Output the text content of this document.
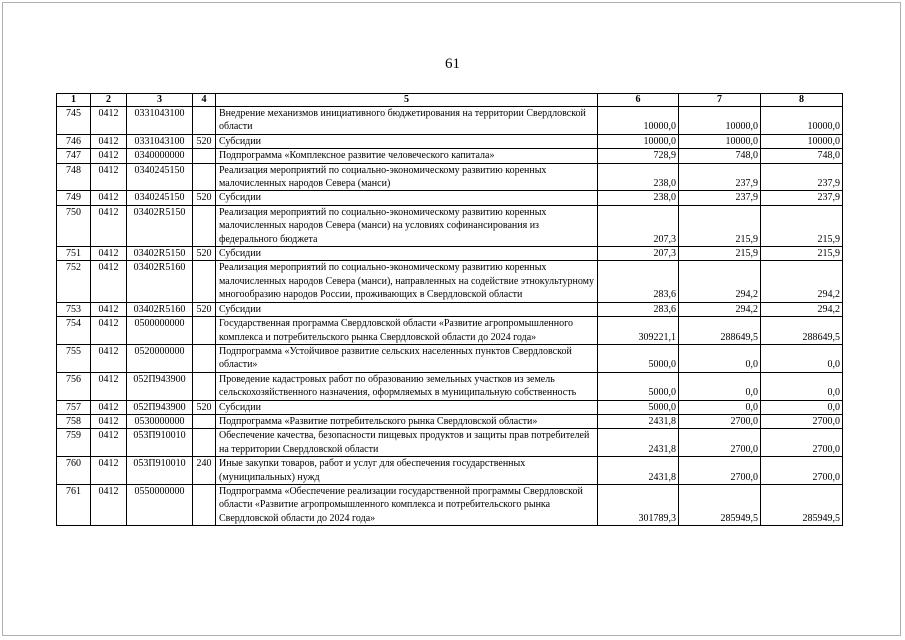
61
1	2	3	4	5	6	7	8
745	0412	0331043100		Внедрение механизмов инициативного бюджетирования на территории Свердловской области	10000,0	10000,0	10000,0
746	0412	0331043100	520	Субсидии	10000,0	10000,0	10000,0
747	0412	0340000000		Подпрограмма «Комплексное развитие человеческого капитала»	728,9	748,0	748,0
748	0412	0340245150		Реализация мероприятий по социально-экономическому развитию коренных малочисленных народов Севера (манси)	238,0	237,9	237,9
749	0412	0340245150	520	Субсидии	238,0	237,9	237,9
750	0412	03402R5150		Реализация мероприятий по социально-экономическому развитию коренных малочисленных народов Севера (манси) на условиях софинансирования из федерального бюджета	207,3	215,9	215,9
751	0412	03402R5150	520	Субсидии	207,3	215,9	215,9
752	0412	03402R5160		Реализация мероприятий по социально-экономическому развитию коренных малочисленных народов Севера (манси), направленных на содействие этнокультурному многообразию народов России, проживающих в Свердловской области	283,6	294,2	294,2
753	0412	03402R5160	520	Субсидии	283,6	294,2	294,2
754	0412	0500000000		Государственная программа Свердловской области «Развитие агропромышленного комплекса и потребительского рынка Свердловской области до 2024 года»	309221,1	288649,5	288649,5
755	0412	0520000000		Подпрограмма «Устойчивое развитие сельских населенных пунктов Свердловской области»	5000,0	0,0	0,0
756	0412	052П943900		Проведение кадастровых работ по образованию земельных участков из земель сельскохозяйственного назначения, оформляемых в муниципальную собственность	5000,0	0,0	0,0
757	0412	052П943900	520	Субсидии	5000,0	0,0	0,0
758	0412	0530000000		Подпрограмма «Развитие потребительского рынка Свердловской области»	2431,8	2700,0	2700,0
759	0412	053П910010		Обеспечение качества, безопасности пищевых продуктов и защиты прав потребителей на территории Свердловской области	2431,8	2700,0	2700,0
760	0412	053П910010	240	Иные закупки товаров, работ и услуг для обеспечения государственных (муниципальных) нужд	2431,8	2700,0	2700,0
761	0412	0550000000		Подпрограмма «Обеспечение реализации государственной программы Свердловской области «Развитие агропромышленного комплекса и потребительского рынка Свердловской области до 2024 года»	301789,3	285949,5	285949,5
